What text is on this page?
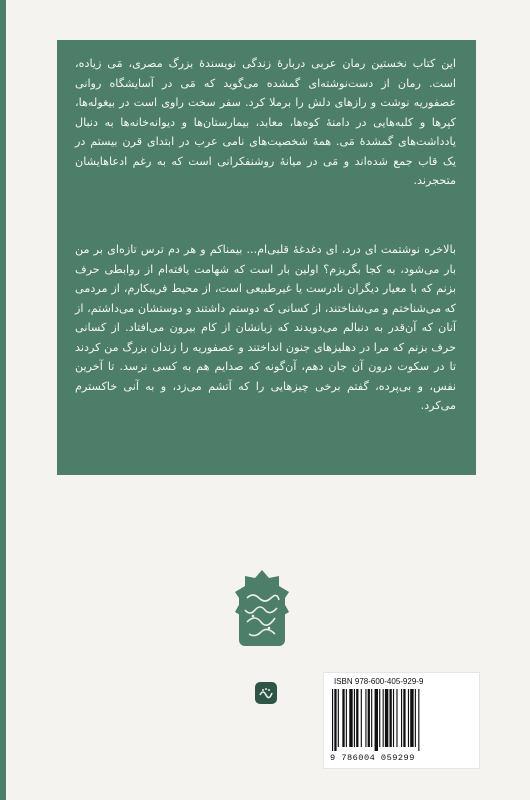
این کتاب نخستین رمان عربی دربارهٔ زندگی نویسندهٔ بزرگ مصری، مَی زیاده، است. رمان از دست‌نوشته‌ای گمشده می‌گوید که مَی در آسایشگاه روانی عصفوریه نوشت و رازهای دلش را برملا کرد. سفر سخت راوی است در بیغوله‌ها، کپرها و کلبه‌هایی در دامنهٔ کوه‌ها، معابد، بیمارستان‌ها و دیوانه‌خانه‌ها به دنبال یادداشت‌های گمشدهٔ مَی. همهٔ شخصیت‌های نامی عرب در ابتدای قرن بیستم در یک قاب جمع شده‌اند و مَی در میانهٔ روشنفکرانی است که به رغم ادعاهایشان متحجرند.

بالاخره نوشتمت ای درد، ای دغدغهٔ قلبی‌ام... بیمناکم و هر دم ترس تازه‌ای بر من بار می‌شود، به کجا بگریزم؟ اولین بار است که شهامت یافته‌ام از روابطی حرف بزنم که با معیار دیگران نادرست یا غیرطبیعی است، از محیط فریبکارم، از مردمی که می‌شناختم و می‌شناختند، از کسانی که دوستم داشتند و دوستشان می‌داشتم، از آنان که آن‌قدر به دنبالم می‌دویدند که زبانشان از کام بیرون می‌افتاد. از کسانی حرف بزنم که مرا در دهلیزهای جنون انداختند و عصفوریه را زندان بزرگ من کردند تا در سکوت درون آن جان دهم، آن‌گونه که صدایم هم به کسی نرسد. تا آخرین نفس، و بی‌پرده، گفتم برخی چیزهایی را که آتشم می‌زد، و به آنی خاکسترم می‌کرد.

ISBN 978-600-405-929-9
9 786004 059299
